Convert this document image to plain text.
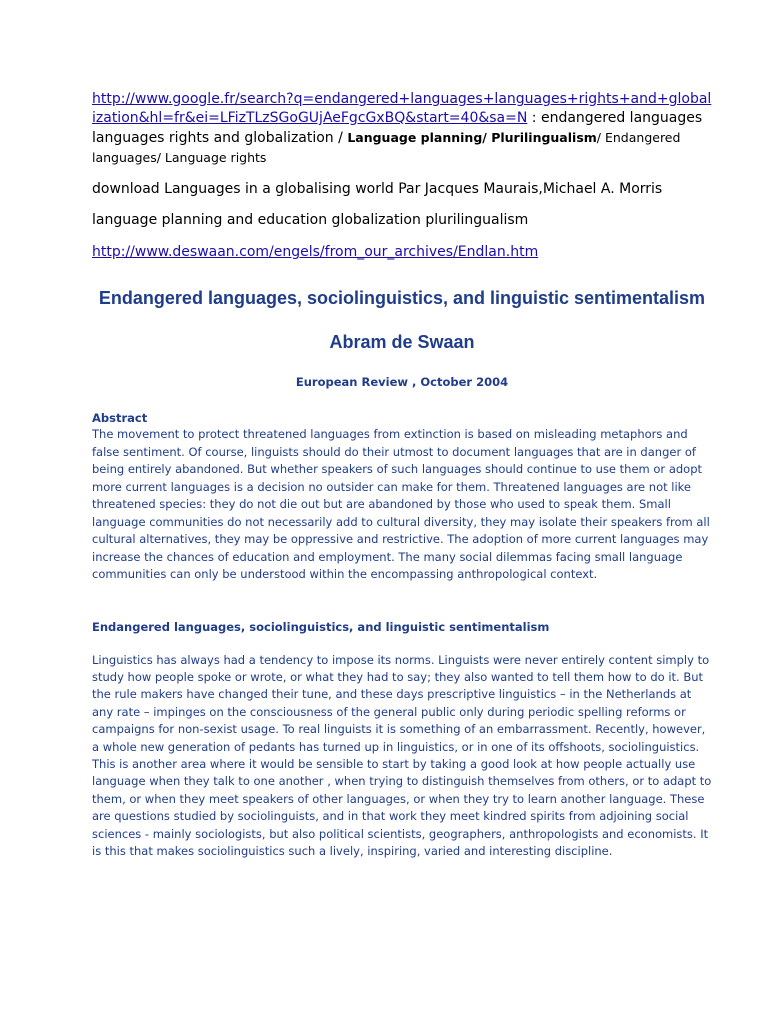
http://www.google.fr/search?q=endangered+languages+languages+rights+and+globalization&hl=fr&ei=LFizTLzSGoGUjAeFgcGxBQ&start=40&sa=N : endangered languages languages rights and globalization / Language planning/ Plurilingualism/ Endangered languages/ Language rights
download Languages in a globalising world Par Jacques Maurais,Michael A. Morris
language planning and education globalization plurilingualism
http://www.deswaan.com/engels/from_our_archives/Endlan.htm
Endangered languages, sociolinguistics, and linguistic sentimentalism
Abram de Swaan
European Review , October 2004
Abstract
The movement to protect threatened languages from extinction is based on misleading metaphors and false sentiment. Of course, linguists should do their utmost to document languages that are in danger of being entirely abandoned. But whether speakers of such languages should continue to use them or adopt more current languages is a decision no outsider can make for them. Threatened languages are not like threatened species: they do not die out but are abandoned by those who used to speak them. Small language communities do not necessarily add to cultural diversity, they may isolate their speakers from all cultural alternatives, they may be oppressive and restrictive. The adoption of more current languages may increase the chances of education and employment. The many social dilemmas facing small language communities can only be understood within the encompassing anthropological context.
Endangered languages, sociolinguistics, and linguistic sentimentalism
Linguistics has always had a tendency to impose its norms. Linguists were never entirely content simply to study how people spoke or wrote, or what they had to say; they also wanted to tell them how to do it. But the rule makers have changed their tune, and these days prescriptive linguistics – in the Netherlands at any rate – impinges on the consciousness of the general public only during periodic spelling reforms or campaigns for non-sexist usage. To real linguists it is something of an embarrassment. Recently, however, a whole new generation of pedants has turned up in linguistics, or in one of its offshoots, sociolinguistics. This is another area where it would be sensible to start by taking a good look at how people actually use language when they talk to one another , when trying to distinguish themselves from others, or to adapt to them, or when they meet speakers of other languages, or when they try to learn another language. These are questions studied by sociolinguists, and in that work they meet kindred spirits from adjoining social sciences - mainly sociologists, but also political scientists, geographers, anthropologists and economists. It is this that makes sociolinguistics such a lively, inspiring, varied and interesting discipline.
